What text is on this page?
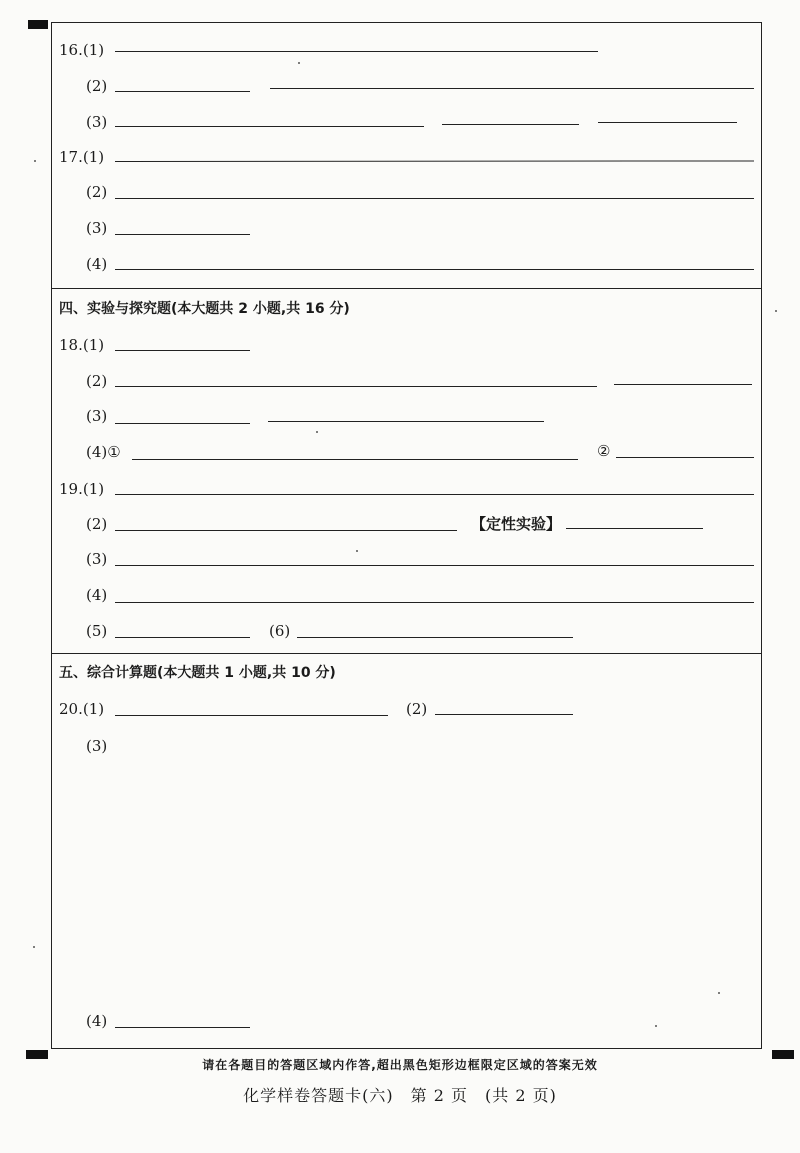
16.(1)
(2)
(3)
17.(1)
(2)
(3)
(4)
四、实验与探究题(本大题共 2 小题,共 16 分)
18.(1)
(2)
(3)
(4)①	②
19.(1)
(2)	【定性实验】
(3)
(4)
(5)	(6)
五、综合计算题(本大题共 1 小题,共 10 分)
20.(1)	(2)
(3)
(4)
请在各题目的答题区域内作答,超出黑色矩形边框限定区域的答案无效
化学样卷答题卡(六)　第 2 页　(共 2 页)
